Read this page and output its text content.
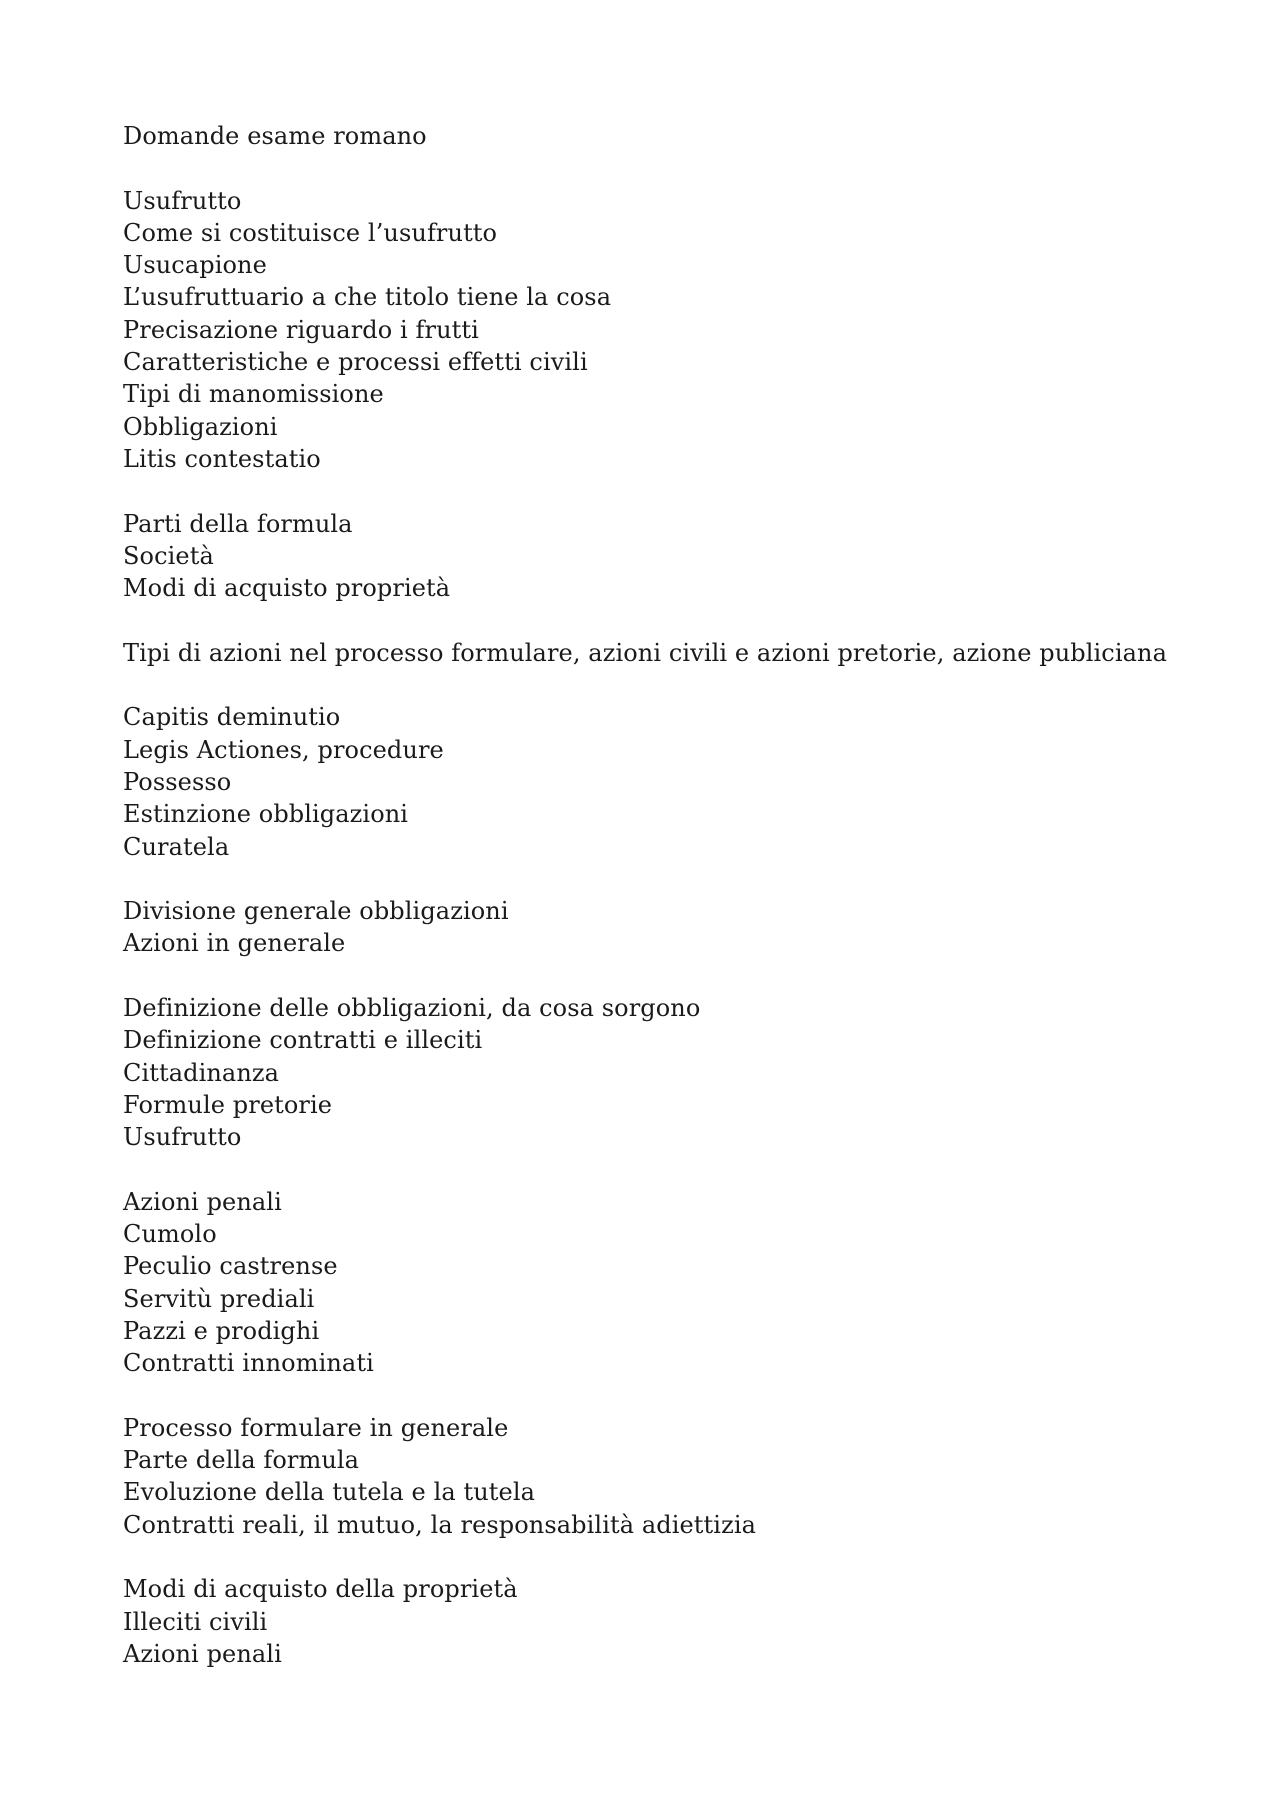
Domande esame romano
Usufrutto
Come si costituisce l’usufrutto
Usucapione
L’usufruttuario a che titolo tiene la cosa
Precisazione riguardo i frutti
Caratteristiche e processi effetti civili
Tipi di manomissione
Obbligazioni
Litis contestatio
Parti della formula
Società
Modi di acquisto proprietà
Tipi di azioni nel processo formulare, azioni civili e azioni pretorie, azione publiciana
Capitis deminutio
Legis Actiones, procedure
Possesso
Estinzione obbligazioni
Curatela
Divisione generale obbligazioni
Azioni in generale
Definizione delle obbligazioni, da cosa sorgono
Definizione contratti e illeciti
Cittadinanza
Formule pretorie
Usufrutto
Azioni penali
Cumolo
Peculio castrense
Servitù prediali
Pazzi e prodighi
Contratti innominati
Processo formulare in generale
Parte della formula
Evoluzione della tutela e la tutela
Contratti reali, il mutuo, la responsabilità adiettizia
Modi di acquisto della proprietà
Illeciti civili
Azioni penali
